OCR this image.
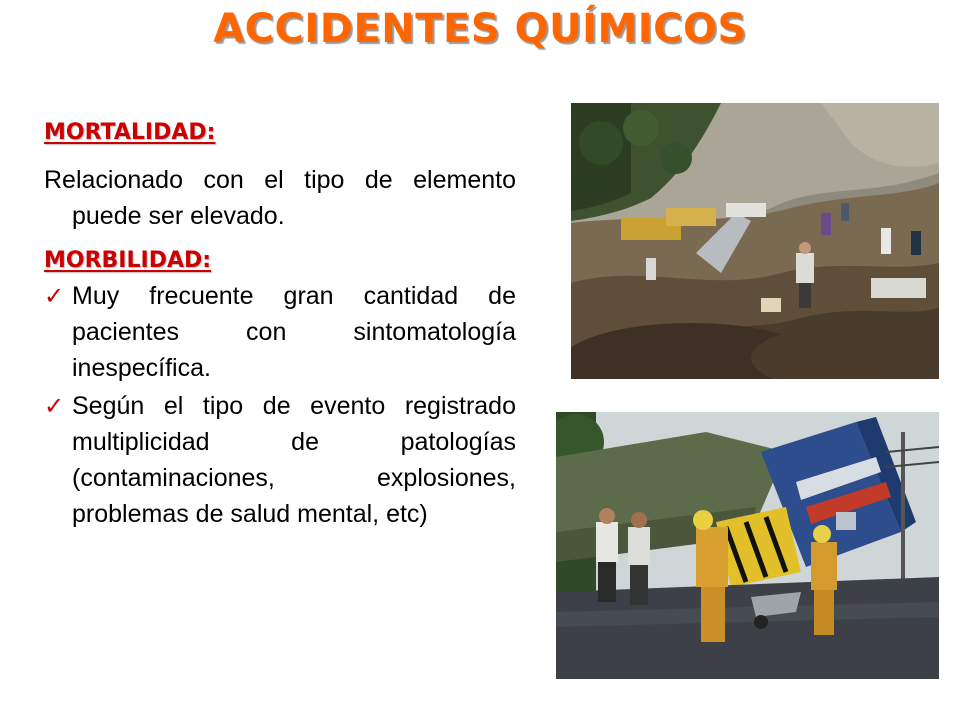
ACCIDENTES QUÍMICOS
MORTALIDAD:
Relacionado con el tipo de elemento puede ser elevado.
MORBILIDAD:
✓ Muy frecuente gran cantidad de pacientes con sintomatología inespecífica.
✓ Según el tipo de evento registrado multiplicidad de patologías (contaminaciones, explosiones, problemas de salud mental, etc)
